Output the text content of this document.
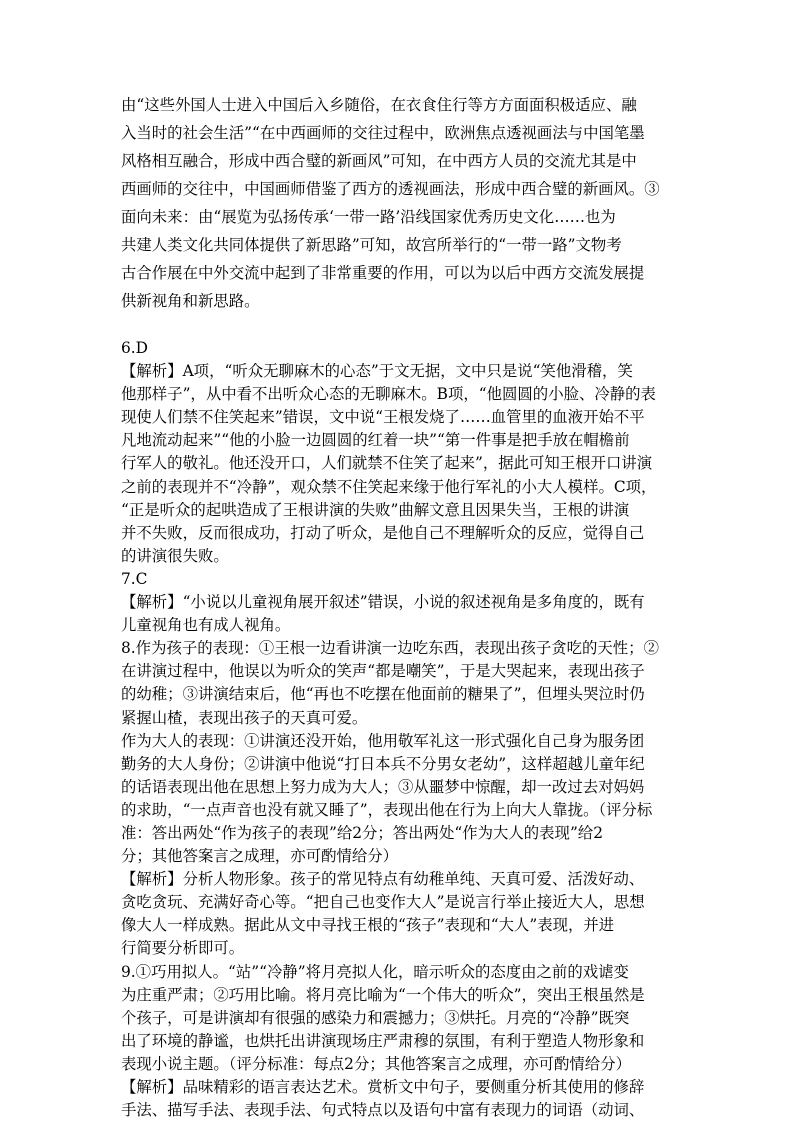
由“这些外国人士进入中国后入乡随俗，在衣食住行等方方面面积极适应、融
入当时的社会生活”“在中西画师的交往过程中，欧洲焦点透视画法与中国笔墨
风格相互融合，形成中西合璧的新画风”可知，在中西方人员的交流尤其是中
西画师的交往中，中国画师借鉴了西方的透视画法，形成中西合璧的新画风。③
面向未来：由“展览为弘扬传承‘一带一路’沿线国家优秀历史文化……也为
共建人类文化共同体提供了新思路”可知，故宫所举行的“一带一路”文物考
古合作展在中外交流中起到了非常重要的作用，可以为以后中西方交流发展提
供新视角和新思路。
6.D
【解析】A项，“听众无聊麻木的心态”于文无据，文中只是说“笑他滑稽，笑
他那样子”，从中看不出听众心态的无聊麻木。B项，“他圆圆的小脸、冷静的表
现使人们禁不住笑起来”错误，文中说“王根发烧了……血管里的血液开始不平
凡地流动起来”“他的小脸一边圆圆的红着一块”“第一件事是把手放在帽檐前
行军人的敬礼。他还没开口，人们就禁不住笑了起来”，据此可知王根开口讲演
之前的表现并不“冷静”，观众禁不住笑起来缘于他行军礼的小大人模样。C项，
“正是听众的起哄造成了王根讲演的失败”曲解文意且因果失当，王根的讲演
并不失败，反而很成功，打动了听众，是他自己不理解听众的反应，觉得自己
的讲演很失败。
7.C
【解析】“小说以儿童视角展开叙述”错误，小说的叙述视角是多角度的，既有
儿童视角也有成人视角。
8.作为孩子的表现：①王根一边看讲演一边吃东西，表现出孩子贪吃的天性；②
在讲演过程中，他误以为听众的笑声“都是嘲笑”，于是大哭起来，表现出孩子
的幼稚；③讲演结束后，他“再也不吃摆在他面前的糖果了”，但埋头哭泣时仍
紧握山楂，表现出孩子的天真可爱。
作为大人的表现：①讲演还没开始，他用敬军礼这一形式强化自己身为服务团
勤务的大人身份；②讲演中他说“打日本兵不分男女老幼”，这样超越儿童年纪
的话语表现出他在思想上努力成为大人；③从噩梦中惊醒，却一改过去对妈妈
的求助，“一点声音也没有就又睡了”，表现出他在行为上向大人靠拢。（评分标
准：答出两处“作为孩子的表现”给2分；答出两处“作为大人的表现”给2
分；其他答案言之成理，亦可酌情给分）
【解析】分析人物形象。孩子的常见特点有幼稚单纯、天真可爱、活泼好动、
贪吃贪玩、充满好奇心等。“把自己也变作大人”是说言行举止接近大人，思想
像大人一样成熟。据此从文中寻找王根的“孩子”表现和“大人”表现，并进
行简要分析即可。
9.①巧用拟人。“站”“冷静”将月亮拟人化，暗示听众的态度由之前的戏谑变
为庄重严肃；②巧用比喻。将月亮比喻为“一个伟大的听众”，突出王根虽然是
个孩子，可是讲演却有很强的感染力和震撼力；③烘托。月亮的“冷静”既突
出了环境的静谧，也烘托出讲演现场庄严肃穆的氛围，有利于塑造人物形象和
表现小说主题。（评分标准：每点2分；其他答案言之成理，亦可酌情给分）
【解析】品味精彩的语言表达艺术。赏析文中句子，要侧重分析其使用的修辞
手法、描写手法、表现手法、句式特点以及语句中富有表现力的词语（动词、
